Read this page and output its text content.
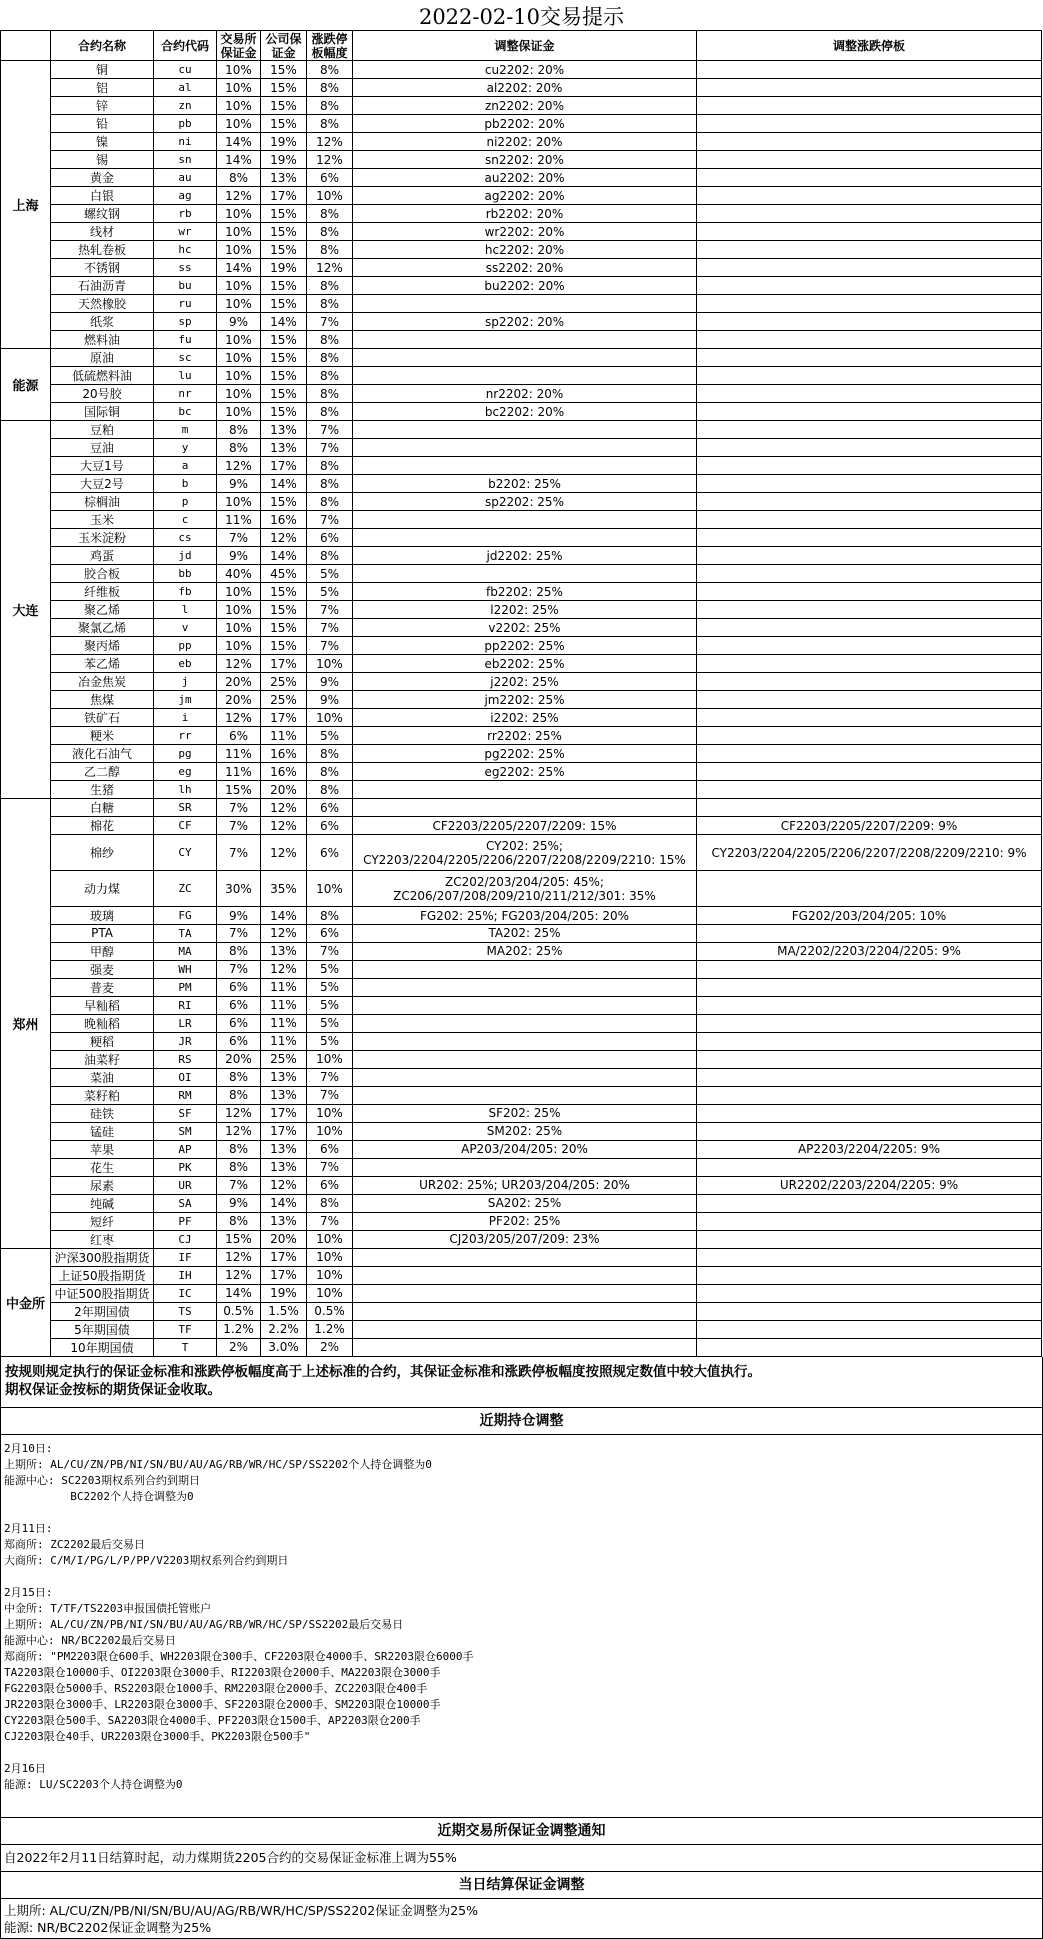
2022-02-10交易提示
	合约名称	合约代码	交易所保证金	公司保证金	涨跌停板幅度	调整保证金	调整涨跌停板
上海	铜	cu	10%	15%	8%	cu2202: 20%	
	铝	al	10%	15%	8%	al2202: 20%	
	锌	zn	10%	15%	8%	zn2202: 20%	
	铅	pb	10%	15%	8%	pb2202: 20%	
	镍	ni	14%	19%	12%	ni2202: 20%	
	锡	sn	14%	19%	12%	sn2202: 20%	
	黄金	au	8%	13%	6%	au2202: 20%	
	白银	ag	12%	17%	10%	ag2202: 20%	
	螺纹钢	rb	10%	15%	8%	rb2202: 20%	
	线材	wr	10%	15%	8%	wr2202: 20%	
	热轧卷板	hc	10%	15%	8%	hc2202: 20%	
	不锈钢	ss	14%	19%	12%	ss2202: 20%	
	石油沥青	bu	10%	15%	8%	bu2202: 20%	
	天然橡胶	ru	10%	15%	8%		
	纸浆	sp	9%	14%	7%	sp2202: 20%	
	燃料油	fu	10%	15%	8%		
能源	原油	sc	10%	15%	8%		
	低硫燃料油	lu	10%	15%	8%		
	20号胶	nr	10%	15%	8%	nr2202: 20%	
	国际铜	bc	10%	15%	8%	bc2202: 20%	
大连	豆粕	m	8%	13%	7%		
	豆油	y	8%	13%	7%		
	大豆1号	a	12%	17%	8%		
	大豆2号	b	9%	14%	8%	b2202: 25%	
	棕榈油	p	10%	15%	8%	sp2202: 25%	
	玉米	c	11%	16%	7%		
	玉米淀粉	cs	7%	12%	6%		
	鸡蛋	jd	9%	14%	8%	jd2202: 25%	
	胶合板	bb	40%	45%	5%		
	纤维板	fb	10%	15%	5%	fb2202: 25%	
	聚乙烯	l	10%	15%	7%	l2202: 25%	
	聚氯乙烯	v	10%	15%	7%	v2202: 25%	
	聚丙烯	pp	10%	15%	7%	pp2202: 25%	
	苯乙烯	eb	12%	17%	10%	eb2202: 25%	
	冶金焦炭	j	20%	25%	9%	j2202: 25%	
	焦煤	jm	20%	25%	9%	jm2202: 25%	
	铁矿石	i	12%	17%	10%	i2202: 25%	
	粳米	rr	6%	11%	5%	rr2202: 25%	
	液化石油气	pg	11%	16%	8%	pg2202: 25%	
	乙二醇	eg	11%	16%	8%	eg2202: 25%	
	生猪	lh	15%	20%	8%		
郑州	白糖	SR	7%	12%	6%		
	棉花	CF	7%	12%	6%	CF2203/2205/2207/2209: 15%	CF2203/2205/2207/2209: 9%
	棉纱	CY	7%	12%	6%	CY202: 25%;
CY2203/2204/2205/2206/2207/2208/2209/2210: 15%	CY2203/2204/2205/2206/2207/2208/2209/2210: 9%
	动力煤	ZC	30%	35%	10%	ZC202/203/204/205: 45%;
ZC206/207/208/209/210/211/212/301: 35%	
	玻璃	FG	9%	14%	8%	FG202: 25%; FG203/204/205: 20%	FG202/203/204/205: 10%
	PTA	TA	7%	12%	6%	TA202: 25%	
	甲醇	MA	8%	13%	7%	MA202: 25%	MA/2202/2203/2204/2205: 9%
	强麦	WH	7%	12%	5%		
	普麦	PM	6%	11%	5%		
	早籼稻	RI	6%	11%	5%		
	晚籼稻	LR	6%	11%	5%		
	粳稻	JR	6%	11%	5%		
	油菜籽	RS	20%	25%	10%		
	菜油	OI	8%	13%	7%		
	菜籽粕	RM	8%	13%	7%		
	硅铁	SF	12%	17%	10%	SF202: 25%	
	锰硅	SM	12%	17%	10%	SM202: 25%	
	苹果	AP	8%	13%	6%	AP203/204/205: 20%	AP2203/2204/2205: 9%
	花生	PK	8%	13%	7%		
	尿素	UR	7%	12%	6%	UR202: 25%; UR203/204/205: 20%	UR2202/2203/2204/2205: 9%
	纯碱	SA	9%	14%	8%	SA202: 25%	
	短纤	PF	8%	13%	7%	PF202: 25%	
	红枣	CJ	15%	20%	10%	CJ203/205/207/209: 23%	
中金所	沪深300股指期货	IF	12%	17%	10%		
	上证50股指期货	IH	12%	17%	10%		
	中证500股指期货	IC	14%	19%	10%		
	2年期国债	TS	0.5%	1.5%	0.5%		
	5年期国债	TF	1.2%	2.2%	1.2%		
	10年期国债	T	2%	3.0%	2%		
按规则规定执行的保证金标准和涨跌停板幅度高于上述标准的合约，其保证金标准和涨跌停板幅度按照规定数值中较大值执行。
期权保证金按标的期货保证金收取。
近期持仓调整
2月10日:
上期所: AL/CU/ZN/PB/NI/SN/BU/AU/AG/RB/WR/HC/SP/SS2202个人持仓调整为0
能源中心: SC2203期权系列合约到期日
BC2202个人持仓调整为0

2月11日:
郑商所: ZC2202最后交易日
大商所: C/M/I/PG/L/P/PP/V2203期权系列合约到期日

2月15日:
中金所: T/TF/TS2203申报国债托管账户
上期所: AL/CU/ZN/PB/NI/SN/BU/AU/AG/RB/WR/HC/SP/SS2202最后交易日
能源中心: NR/BC2202最后交易日
郑商所: "PM2203限仓600手、WH2203限仓300手、CF2203限仓4000手、SR2203限仓6000手
TA2203限仓10000手、OI2203限仓3000手、RI2203限仓2000手、MA2203限仓3000手
FG2203限仓5000手、RS2203限仓1000手、RM2203限仓2000手、ZC2203限仓400手
JR2203限仓3000手、LR2203限仓3000手、SF2203限仓2000手、SM2203限仓10000手
CY2203限仓500手、SA2203限仓4000手、PF2203限仓1500手、AP2203限仓200手
CJ2203限仓40手、UR2203限仓3000手、PK2203限仓500手"

2月16日
能源: LU/SC2203个人持仓调整为0
近期交易所保证金调整通知
自2022年2月11日结算时起，动力煤期货2205合约的交易保证金标准上调为55%
当日结算保证金调整
上期所: AL/CU/ZN/PB/NI/SN/BU/AU/AG/RB/WR/HC/SP/SS2202保证金调整为25%
能源: NR/BC2202保证金调整为25%
